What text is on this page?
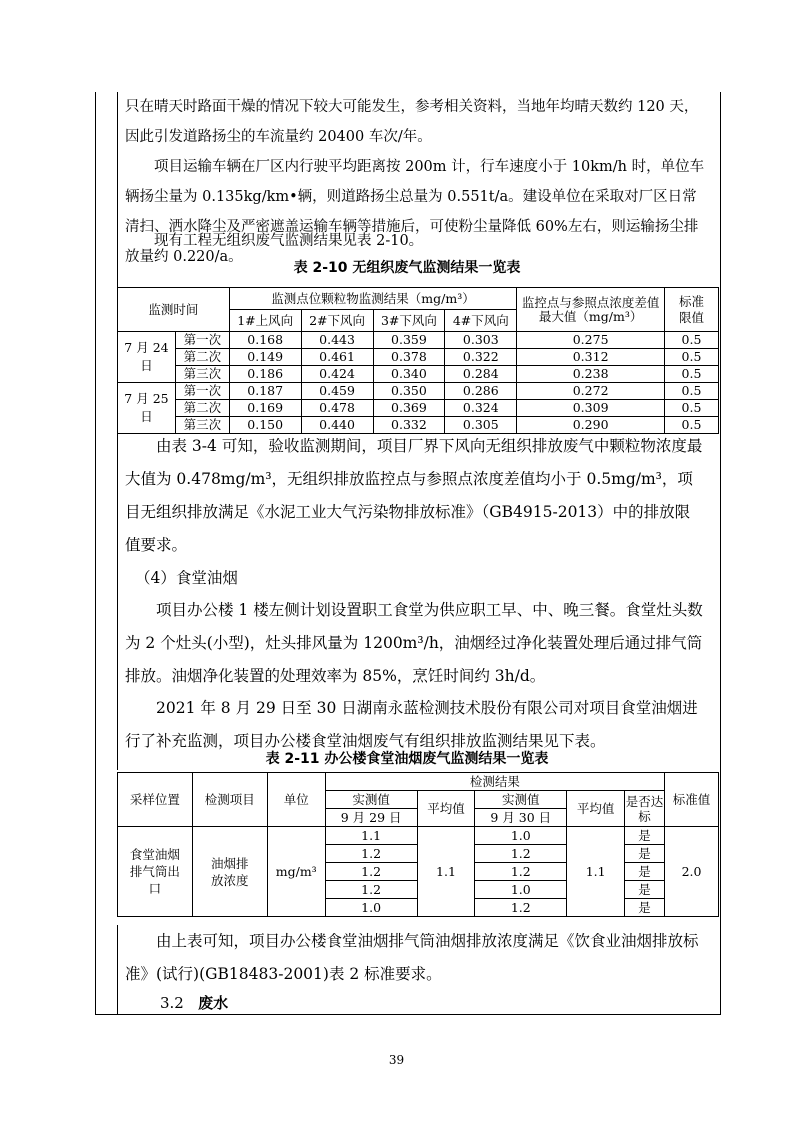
只在晴天时路面干燥的情况下较大可能发生，参考相关资料，当地年均晴天数约 120 天，因此引发道路扬尘的车流量约 20400 车次/年。

项目运输车辆在厂区内行驶平均距离按 200m 计，行车速度小于 10km/h 时，单位车辆扬尘量为 0.135kg/km•辆，则道路扬尘总量为 0.551t/a。建设单位在采取对厂区日常清扫、洒水降尘及严密遮盖运输车辆等措施后，可使粉尘量降低 60%左右，则运输扬尘排放量约 0.220/a。

现有工程无组织废气监测结果见表 2-10。

表 2-10 无组织废气监测结果一览表
监测时间		监测点位颗粒物监测结果（mg/m³）				监控点与参照点浓度差值最大值（mg/m³）	标准限值
		1#上风向	2#下风向	3#下风向	4#下风向		
7 月 24 日	第一次	0.168	0.443	0.359	0.303	0.275	0.5
	第二次	0.149	0.461	0.378	0.322	0.312	0.5
	第三次	0.186	0.424	0.340	0.284	0.238	0.5
7 月 25 日	第一次	0.187	0.459	0.350	0.286	0.272	0.5
	第二次	0.169	0.478	0.369	0.324	0.309	0.5
	第三次	0.150	0.440	0.332	0.305	0.290	0.5

由表 3-4 可知，验收监测期间，项目厂界下风向无组织排放废气中颗粒物浓度最大值为 0.478mg/m³，无组织排放监控点与参照点浓度差值均小于 0.5mg/m³，项目无组织排放满足《水泥工业大气污染物排放标准》（GB4915-2013）中的排放限值要求。

（4）食堂油烟

项目办公楼 1 楼左侧计划设置职工食堂为供应职工早、中、晚三餐。食堂灶头数为 2 个灶头(小型)，灶头排风量为 1200m³/h，油烟经过净化装置处理后通过排气筒排放。油烟净化装置的处理效率为 85%，烹饪时间约 3h/d。

2021 年 8 月 29 日至 30 日湖南永蓝检测技术股份有限公司对项目食堂油烟进行了补充监测，项目办公楼食堂油烟废气有组织排放监测结果见下表。

表 2-11 办公楼食堂油烟废气监测结果一览表
采样位置	检测项目	单位	检测结果					标准值
			实测值	平均值	实测值	平均值	是否达标	
			9 月 29 日		9 月 30 日			
食堂油烟排气筒出口	油烟排放浓度	mg/m³	1.1	1.1	1.0	1.1	是	2.0
			1.2		1.2		是	
			1.2		1.2		是	
			1.2		1.0		是	
			1.0		1.2		是	

由上表可知，项目办公楼食堂油烟排气筒油烟排放浓度满足《饮食业油烟排放标准》(试行)(GB18483-2001)表 2 标准要求。

3.2 废水
39
